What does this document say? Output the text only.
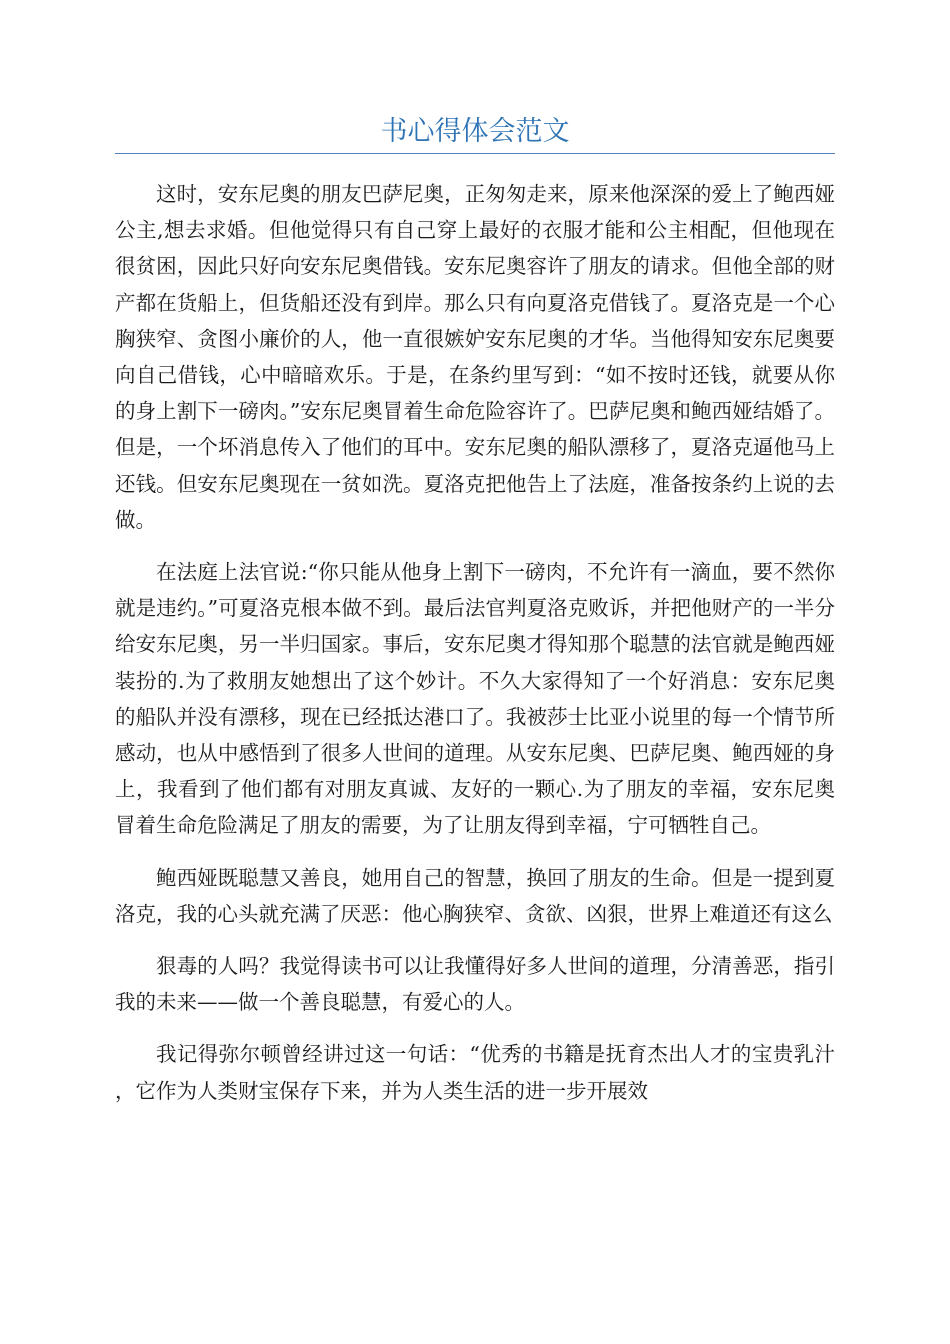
书心得体会范文

这时，安东尼奥的朋友巴萨尼奥，正匆匆走来，原来他深深的爱上了鲍西娅公主,想去求婚。但他觉得只有自己穿上最好的衣服才能和公主相配，但他现在很贫困，因此只好向安东尼奥借钱。安东尼奥容许了朋友的请求。但他全部的财产都在货船上，但货船还没有到岸。那么只有向夏洛克借钱了。夏洛克是一个心胸狭窄、贪图小廉价的人，他一直很嫉妒安东尼奥的才华。当他得知安东尼奥要向自己借钱，心中暗暗欢乐。于是，在条约里写到：“如不按时还钱，就要从你的身上割下一磅肉。”安东尼奥冒着生命危险容许了。巴萨尼奥和鲍西娅结婚了。但是，一个坏消息传入了他们的耳中。安东尼奥的船队漂移了，夏洛克逼他马上还钱。但安东尼奥现在一贫如洗。夏洛克把他告上了法庭，准备按条约上说的去做。

在法庭上法官说:“你只能从他身上割下一磅肉，不允许有一滴血，要不然你就是违约。”可夏洛克根本做不到。最后法官判夏洛克败诉，并把他财产的一半分给安东尼奥，另一半归国家。事后，安东尼奥才得知那个聪慧的法官就是鲍西娅装扮的.为了救朋友她想出了这个妙计。不久大家得知了一个好消息：安东尼奥的船队并没有漂移，现在已经抵达港口了。我被莎士比亚小说里的每一个情节所感动，也从中感悟到了很多人世间的道理。从安东尼奥、巴萨尼奥、鲍西娅的身上，我看到了他们都有对朋友真诚、友好的一颗心.为了朋友的幸福，安东尼奥冒着生命危险满足了朋友的需要，为了让朋友得到幸福，宁可牺牲自己。

鲍西娅既聪慧又善良，她用自己的智慧，换回了朋友的生命。但是一提到夏洛克，我的心头就充满了厌恶：他心胸狭窄、贪欲、凶狠，世界上难道还有这么

狠毒的人吗？我觉得读书可以让我懂得好多人世间的道理，分清善恶，指引我的未来——做一个善良聪慧，有爱心的人。

我记得弥尔顿曾经讲过这一句话：“优秀的书籍是抚育杰出人才的宝贵乳汁，它作为人类财宝保存下来，并为人类生活的进一步开展效
